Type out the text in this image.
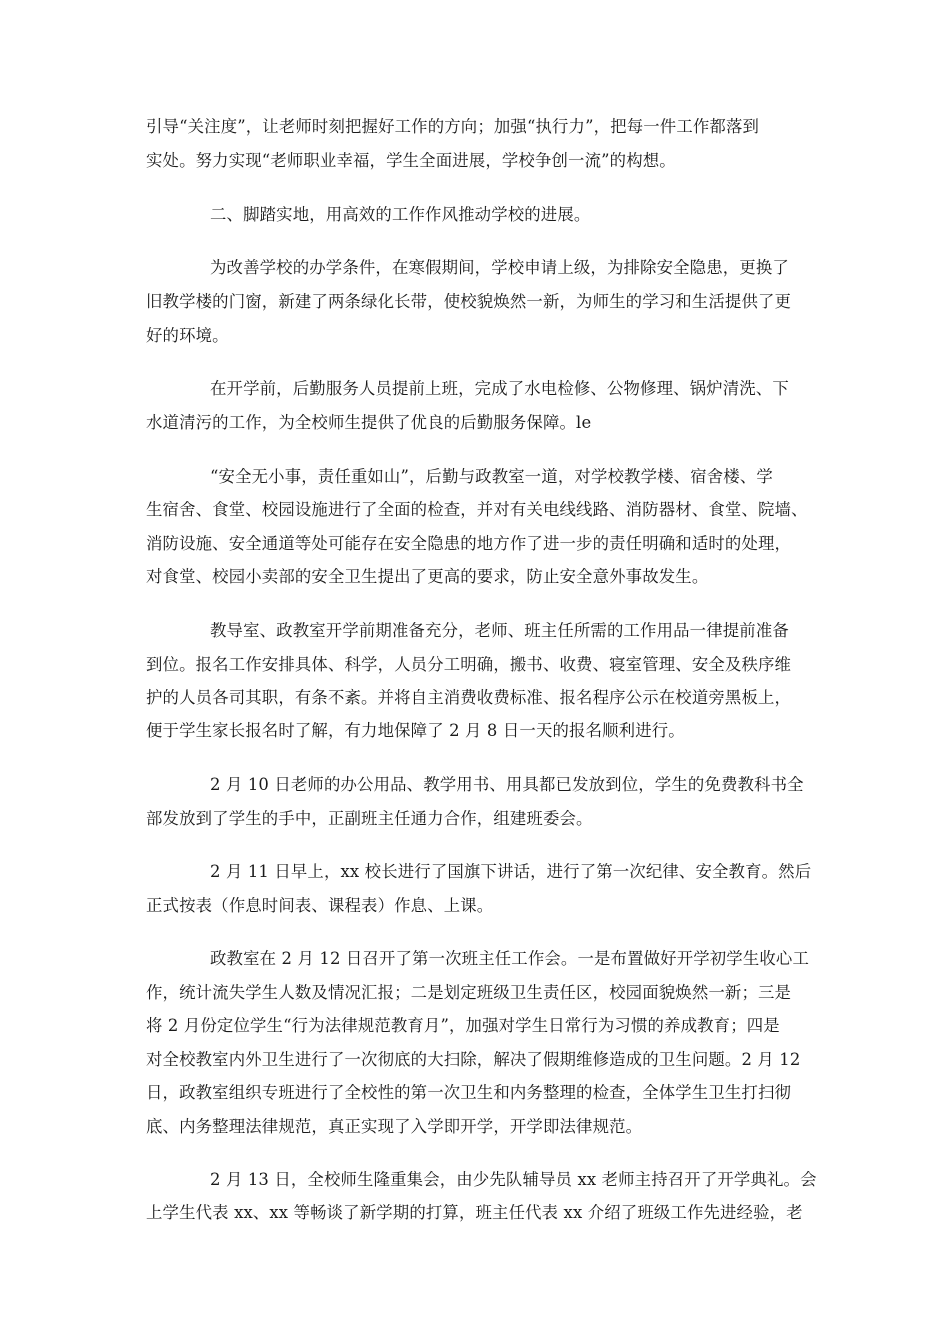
引导“关注度”，让老师时刻把握好工作的方向；加强“执行力”，把每一件工作都落到
实处。努力实现“老师职业幸福，学生全面进展，学校争创一流”的构想。
二、脚踏实地，用高效的工作作风推动学校的进展。
为改善学校的办学条件，在寒假期间，学校申请上级，为排除安全隐患，更换了
旧教学楼的门窗，新建了两条绿化长带，使校貌焕然一新，为师生的学习和生活提供了更
好的环境。
在开学前，后勤服务人员提前上班，完成了水电检修、公物修理、锅炉清洗、下
水道清污的工作，为全校师生提供了优良的后勤服务保障。le
“安全无小事，责任重如山”，后勤与政教室一道，对学校教学楼、宿舍楼、学
生宿舍、食堂、校园设施进行了全面的检查，并对有关电线线路、消防器材、食堂、院墙、
消防设施、安全通道等处可能存在安全隐患的地方作了进一步的责任明确和适时的处理，
对食堂、校园小卖部的安全卫生提出了更高的要求，防止安全意外事故发生。
教导室、政教室开学前期准备充分，老师、班主任所需的工作用品一律提前准备
到位。报名工作安排具体、科学，人员分工明确，搬书、收费、寝室管理、安全及秩序维
护的人员各司其职，有条不紊。并将自主消费收费标准、报名程序公示在校道旁黑板上，
便于学生家长报名时了解，有力地保障了 2 月 8 日一天的报名顺利进行。
2 月 10 日老师的办公用品、教学用书、用具都已发放到位，学生的免费教科书全
部发放到了学生的手中，正副班主任通力合作，组建班委会。
2 月 11 日早上，xx 校长进行了国旗下讲话，进行了第一次纪律、安全教育。然后
正式按表（作息时间表、课程表）作息、上课。
政教室在 2 月 12 日召开了第一次班主任工作会。一是布置做好开学初学生收心工
作，统计流失学生人数及情况汇报；二是划定班级卫生责任区，校园面貌焕然一新；三是
将 2 月份定位学生“行为法律规范教育月”，加强对学生日常行为习惯的养成教育；四是
对全校教室内外卫生进行了一次彻底的大扫除，解决了假期维修造成的卫生问题。2 月 12
日，政教室组织专班进行了全校性的第一次卫生和内务整理的检查，全体学生卫生打扫彻
底、内务整理法律规范，真正实现了入学即开学，开学即法律规范。
2 月 13 日，全校师生隆重集会，由少先队辅导员 xx 老师主持召开了开学典礼。会
上学生代表 xx、xx 等畅谈了新学期的打算，班主任代表 xx 介绍了班级工作先进经验，老
